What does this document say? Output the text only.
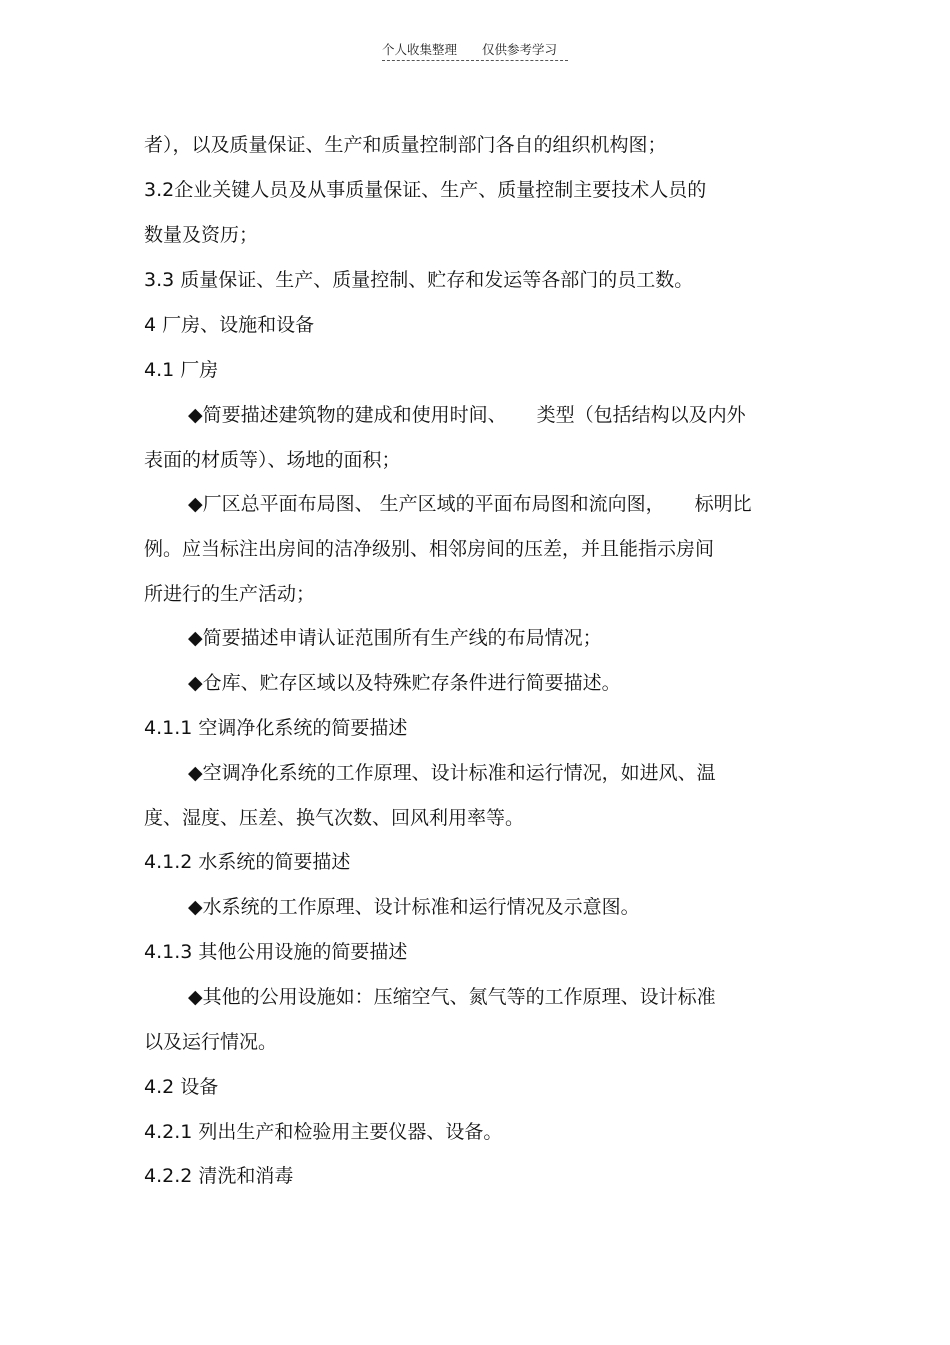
个人收集整理 仅供参考学习
者），以及质量保证、生产和质量控制部门各自的组织机构图；
3.2企业关键人员及从事质量保证、生产、质量控制主要技术人员的
数量及资历；
3.3 质量保证、生产、质量控制、贮存和发运等各部门的员工数。
4 厂房、设施和设备
4.1 厂房
◆简要描述建筑物的建成和使用时间、 类型（包括结构以及内外
表面的材质等）、场地的面积；
◆厂区总平面布局图、 生产区域的平面布局图和流向图， 标明比
例。应当标注出房间的洁净级别、相邻房间的压差，并且能指示房间
所进行的生产活动；
◆简要描述申请认证范围所有生产线的布局情况；
◆仓库、贮存区域以及特殊贮存条件进行简要描述。
4.1.1 空调净化系统的简要描述
◆空调净化系统的工作原理、设计标准和运行情况，如进风、温
度、湿度、压差、换气次数、回风利用率等。
4.1.2 水系统的简要描述
◆水系统的工作原理、设计标准和运行情况及示意图。
4.1.3 其他公用设施的简要描述
◆其他的公用设施如：压缩空气、氮气等的工作原理、设计标准
以及运行情况。
4.2 设备
4.2.1 列出生产和检验用主要仪器、设备。
4.2.2 清洗和消毒
